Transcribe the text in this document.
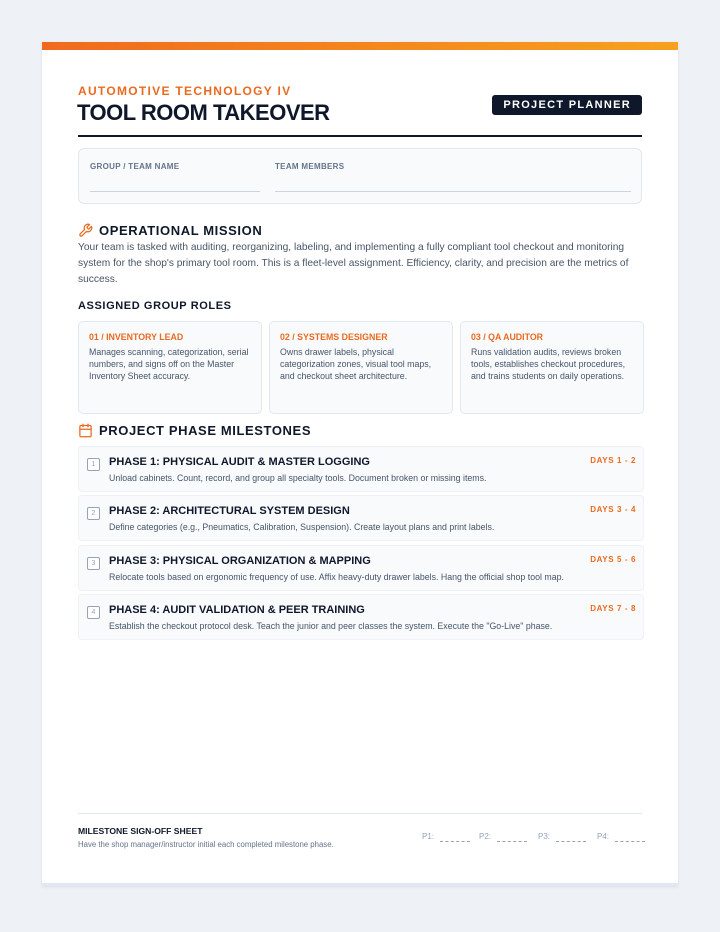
AUTOMOTIVE TECHNOLOGY IV
TOOL ROOM TAKEOVER	PROJECT PLANNER
GROUP / TEAM NAME	TEAM MEMBERS
OPERATIONAL MISSION
Your team is tasked with auditing, reorganizing, labeling, and implementing a fully compliant tool checkout and monitoring system for the shop's primary tool room. This is a fleet-level assignment. Efficiency, clarity, and precision are the metrics of success.
ASSIGNED GROUP ROLES
01 / INVENTORY LEAD
Manages scanning, categorization, serial numbers, and signs off on the Master Inventory Sheet accuracy.
02 / SYSTEMS DESIGNER
Owns drawer labels, physical categorization zones, visual tool maps, and checkout sheet architecture.
03 / QA AUDITOR
Runs validation audits, reviews broken tools, establishes checkout procedures, and trains students on daily operations.
PROJECT PHASE MILESTONES
1	PHASE 1: PHYSICAL AUDIT & MASTER LOGGING
Unload cabinets. Count, record, and group all specialty tools. Document broken or missing items.
DAYS 1 - 2
2	PHASE 2: ARCHITECTURAL SYSTEM DESIGN
Define categories (e.g., Pneumatics, Calibration, Suspension). Create layout plans and print labels.
DAYS 3 - 4
3	PHASE 3: PHYSICAL ORGANIZATION & MAPPING
Relocate tools based on ergonomic frequency of use. Affix heavy-duty drawer labels. Hang the official shop tool map.
DAYS 5 - 6
4	PHASE 4: AUDIT VALIDATION & PEER TRAINING
Establish the checkout protocol desk. Teach the junior and peer classes the system. Execute the "Go-Live" phase.
DAYS 7 - 8
MILESTONE SIGN-OFF SHEET
Have the shop manager/instructor initial each completed milestone phase.
P1:	P2:	P3:	P4:
